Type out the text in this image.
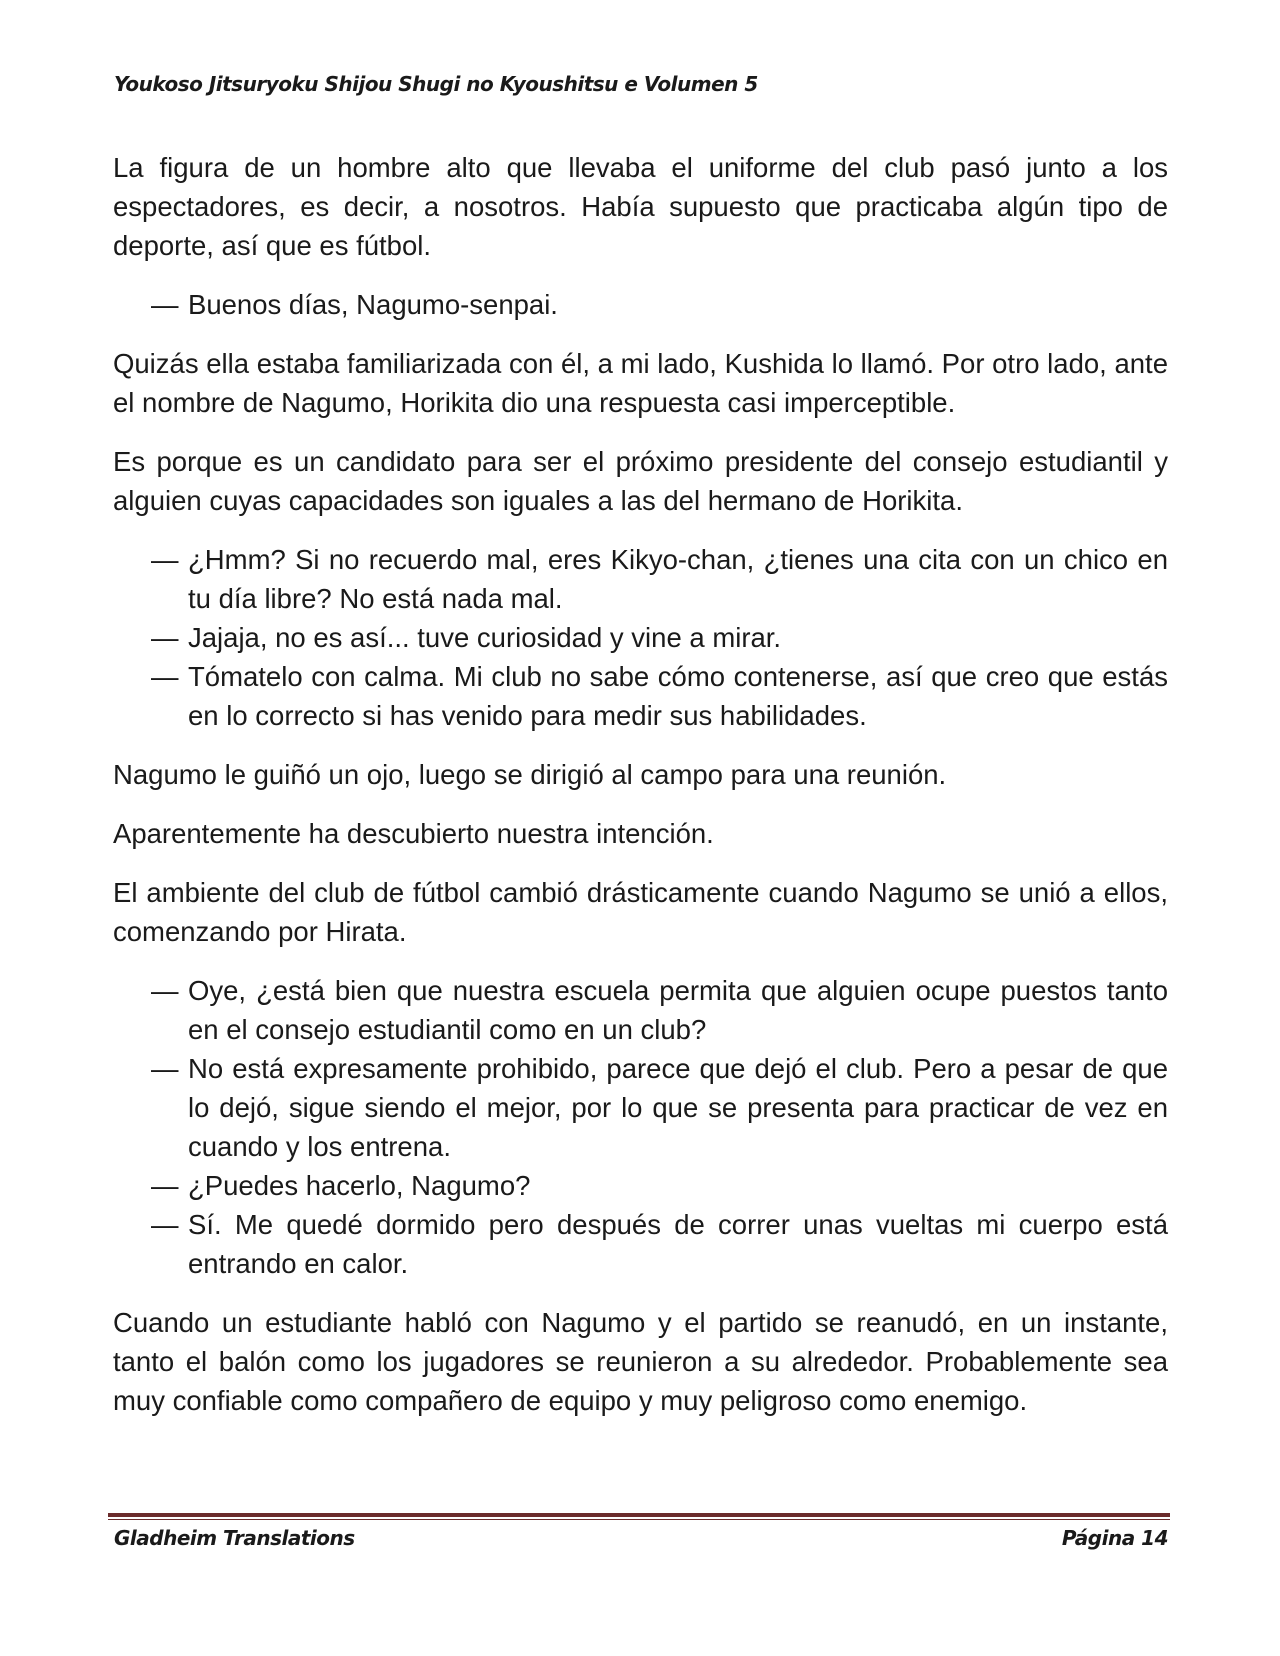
Youkoso Jitsuryoku Shijou Shugi no Kyoushitsu e Volumen 5

La figura de un hombre alto que llevaba el uniforme del club pasó junto a los espectadores, es decir, a nosotros. Había supuesto que practicaba algún tipo de deporte, así que es fútbol.

— Buenos días, Nagumo-senpai.

Quizás ella estaba familiarizada con él, a mi lado, Kushida lo llamó. Por otro lado, ante el nombre de Nagumo, Horikita dio una respuesta casi imperceptible.

Es porque es un candidato para ser el próximo presidente del consejo estudiantil y alguien cuyas capacidades son iguales a las del hermano de Horikita.

— ¿Hmm? Si no recuerdo mal, eres Kikyo-chan, ¿tienes una cita con un chico en tu día libre? No está nada mal.
— Jajaja, no es así... tuve curiosidad y vine a mirar.
— Tómatelo con calma. Mi club no sabe cómo contenerse, así que creo que estás en lo correcto si has venido para medir sus habilidades.

Nagumo le guiñó un ojo, luego se dirigió al campo para una reunión.

Aparentemente ha descubierto nuestra intención.

El ambiente del club de fútbol cambió drásticamente cuando Nagumo se unió a ellos, comenzando por Hirata.

— Oye, ¿está bien que nuestra escuela permita que alguien ocupe puestos tanto en el consejo estudiantil como en un club?
— No está expresamente prohibido, parece que dejó el club. Pero a pesar de que lo dejó, sigue siendo el mejor, por lo que se presenta para practicar de vez en cuando y los entrena.
— ¿Puedes hacerlo, Nagumo?
— Sí. Me quedé dormido pero después de correr unas vueltas mi cuerpo está entrando en calor.

Cuando un estudiante habló con Nagumo y el partido se reanudó, en un instante, tanto el balón como los jugadores se reunieron a su alrededor. Probablemente sea muy confiable como compañero de equipo y muy peligroso como enemigo.

Gladheim Translations	Página 14
